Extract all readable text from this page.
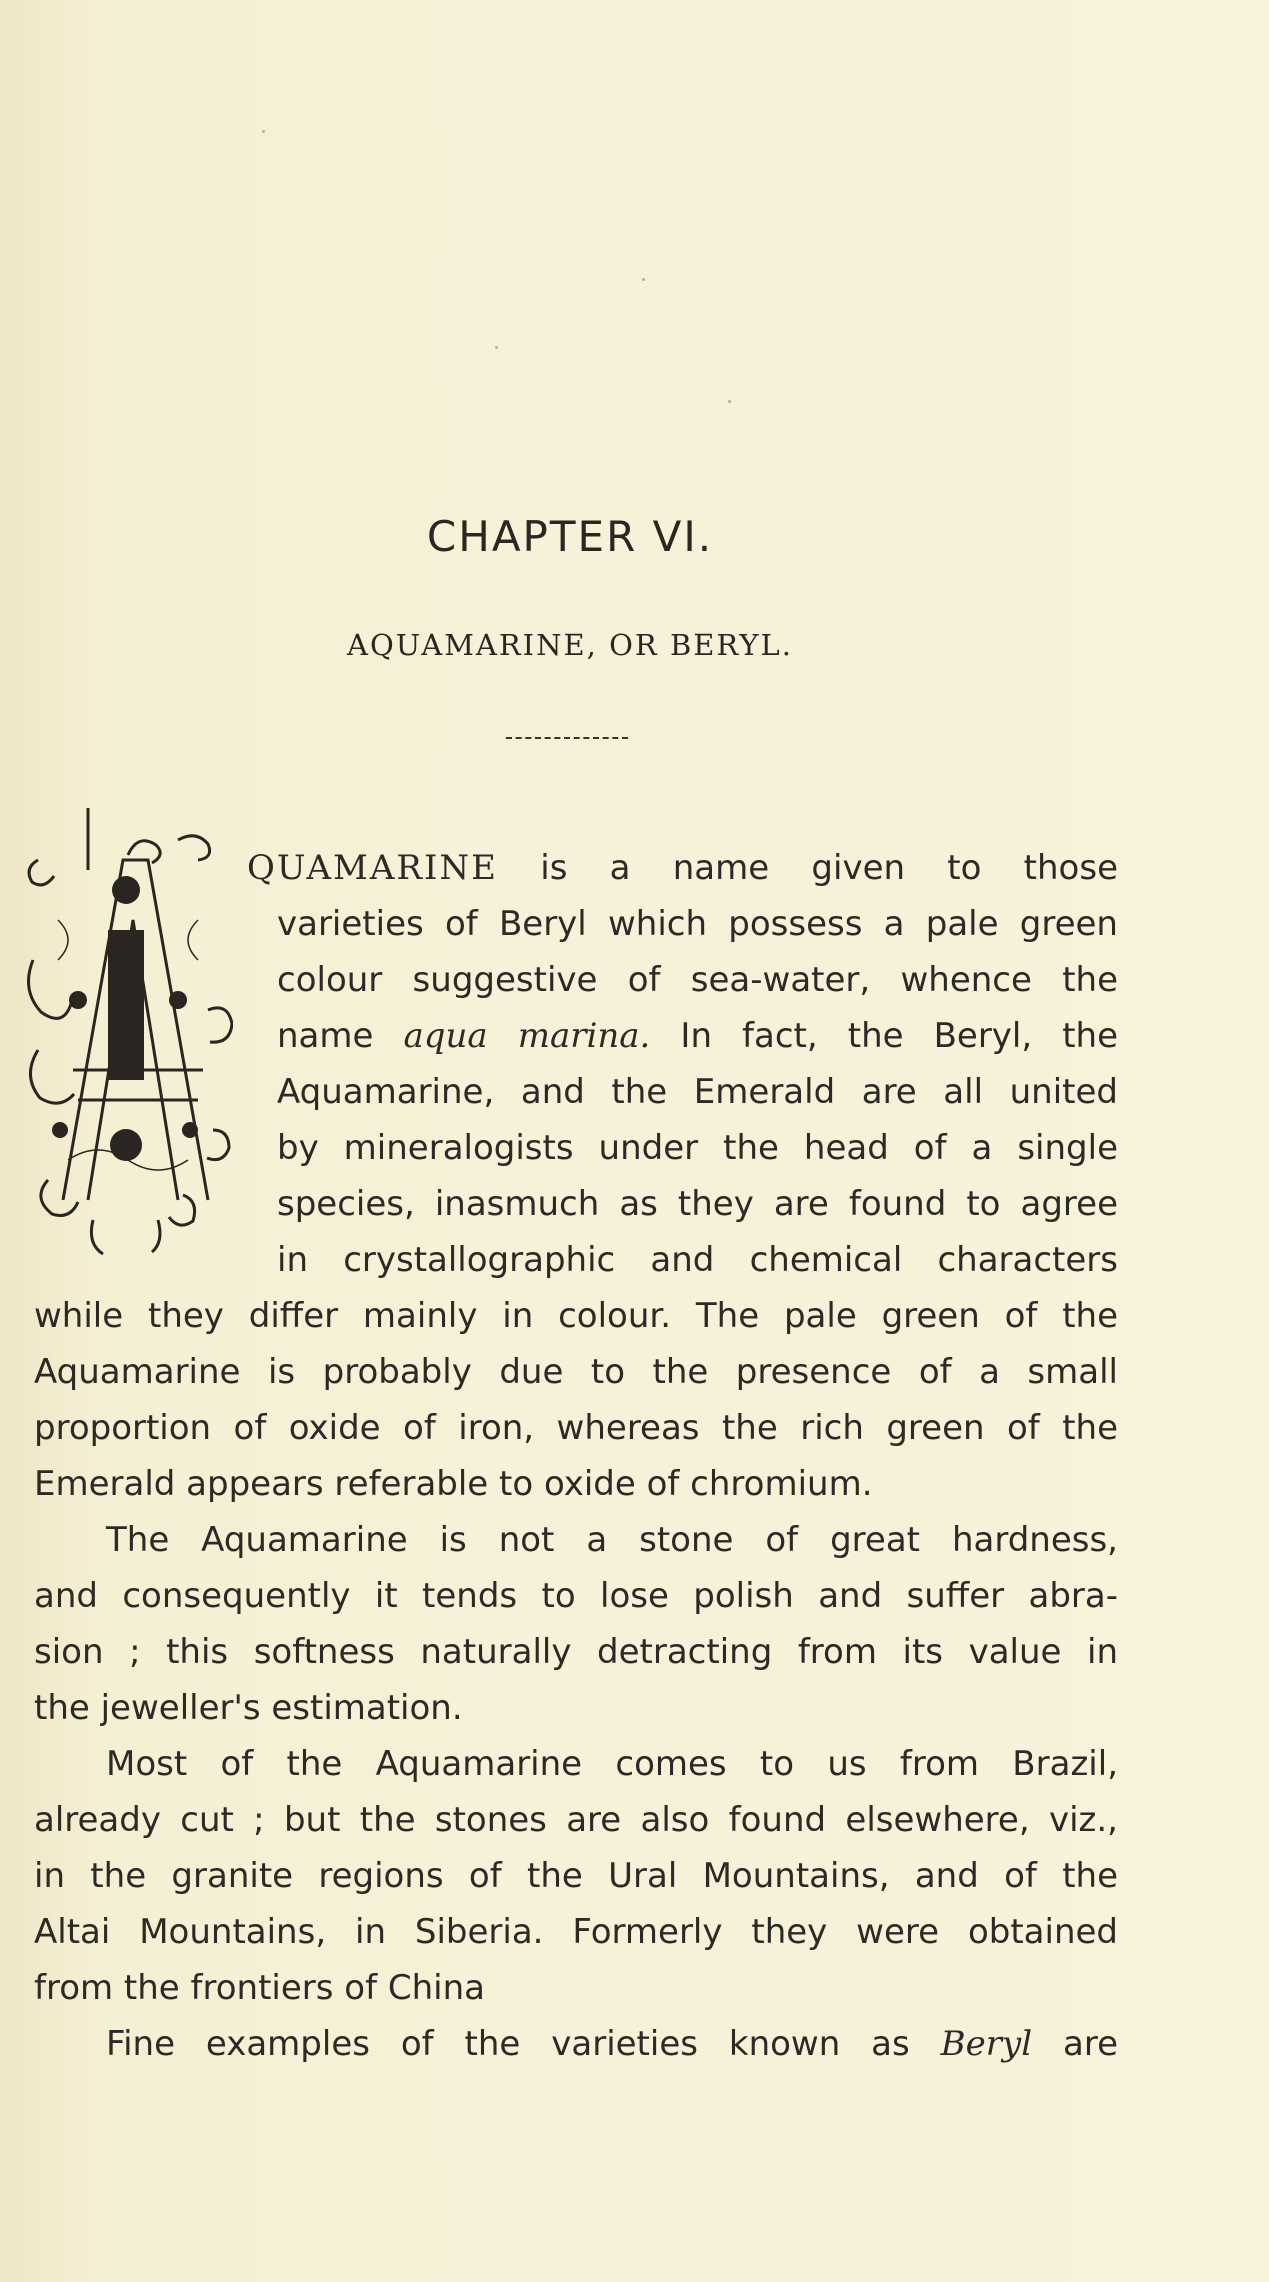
CHAPTER VI.
AQUAMARINE, OR BERYL.
QUAMARINE is a name given to those
varieties of Beryl which possess a pale green
colour suggestive of sea-water, whence the
name aqua marina. In fact, the Beryl, the
Aquamarine, and the Emerald are all united
by mineralogists under the head of a single
species, inasmuch as they are found to agree
in crystallographic and chemical characters
while they differ mainly in colour. The pale green of the
Aquamarine is probably due to the presence of a small
proportion of oxide of iron, whereas the rich green of the
Emerald appears referable to oxide of chromium.
The Aquamarine is not a stone of great hardness,
and consequently it tends to lose polish and suffer abra-
sion ; this softness naturally detracting from its value in
the jeweller's estimation.
Most of the Aquamarine comes to us from Brazil,
already cut ; but the stones are also found elsewhere, viz.,
in the granite regions of the Ural Mountains, and of the
Altai Mountains, in Siberia. Formerly they were obtained
from the frontiers of China
Fine examples of the varieties known as Beryl are
